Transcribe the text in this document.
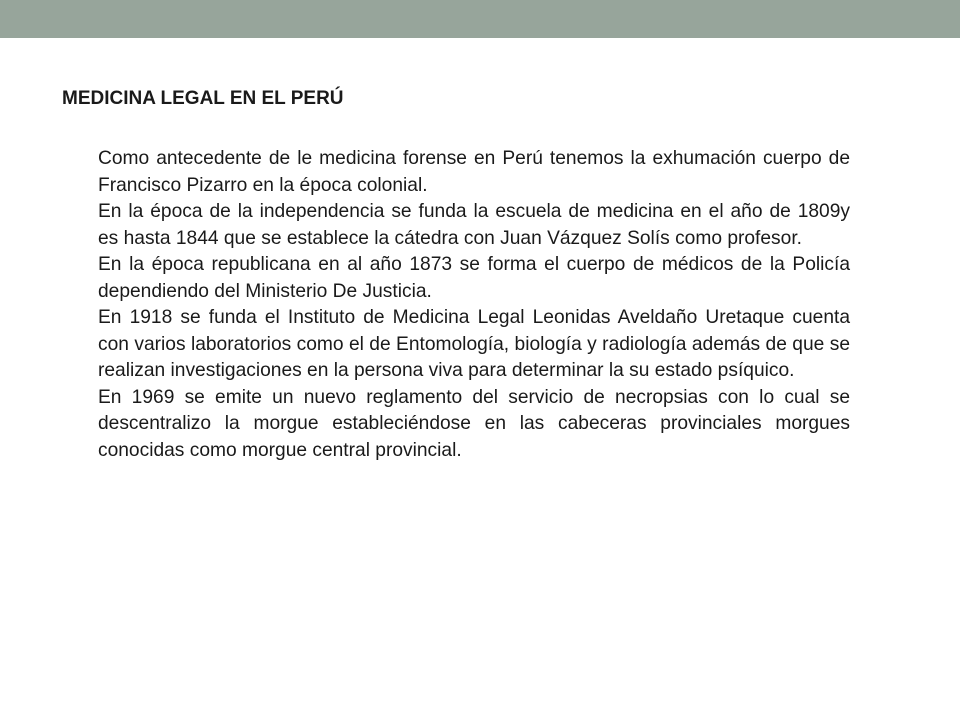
MEDICINA LEGAL EN EL PERÚ

Como antecedente de le medicina forense en Perú tenemos la exhumación cuerpo de Francisco Pizarro en la época colonial.

En la época de la independencia se funda la escuela de medicina en el año de 1809y es hasta 1844 que se establece la cátedra con Juan Vázquez Solís como profesor.

En la época republicana en al año 1873 se forma el cuerpo de médicos de la Policía dependiendo del Ministerio De Justicia.

En 1918 se funda el Instituto de Medicina Legal Leonidas Aveldaño Uretaque cuenta con varios laboratorios como el de Entomología, biología y radiología además de que se realizan investigaciones en la persona viva para determinar la su estado psíquico.

En 1969 se emite un nuevo reglamento del servicio de necropsias con lo cual se descentralizo la morgue estableciéndose en las cabeceras provinciales morgues conocidas como morgue central provincial.
